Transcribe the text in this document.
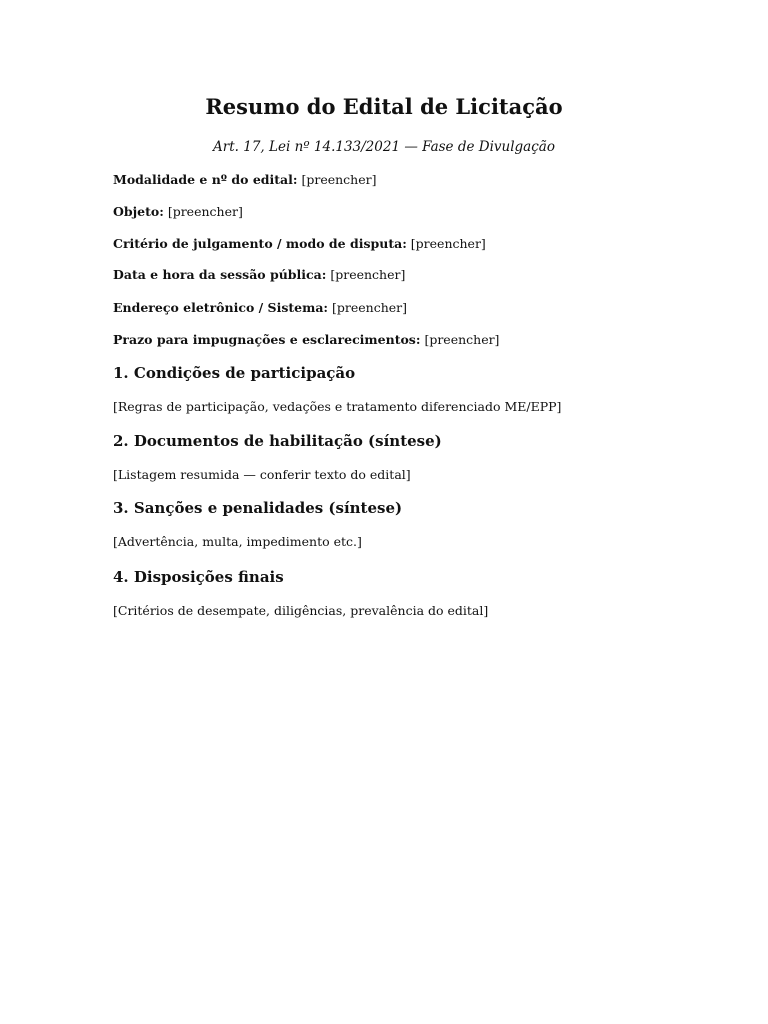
Resumo do Edital de Licitação

Art. 17, Lei nº 14.133/2021 — Fase de Divulgação

Modalidade e nº do edital: [preencher]

Objeto: [preencher]

Critério de julgamento / modo de disputa: [preencher]

Data e hora da sessão pública: [preencher]

Endereço eletrônico / Sistema: [preencher]

Prazo para impugnações e esclarecimentos: [preencher]

1. Condições de participação

[Regras de participação, vedações e tratamento diferenciado ME/EPP]

2. Documentos de habilitação (síntese)

[Listagem resumida — conferir texto do edital]

3. Sanções e penalidades (síntese)

[Advertência, multa, impedimento etc.]

4. Disposições finais

[Critérios de desempate, diligências, prevalência do edital]
